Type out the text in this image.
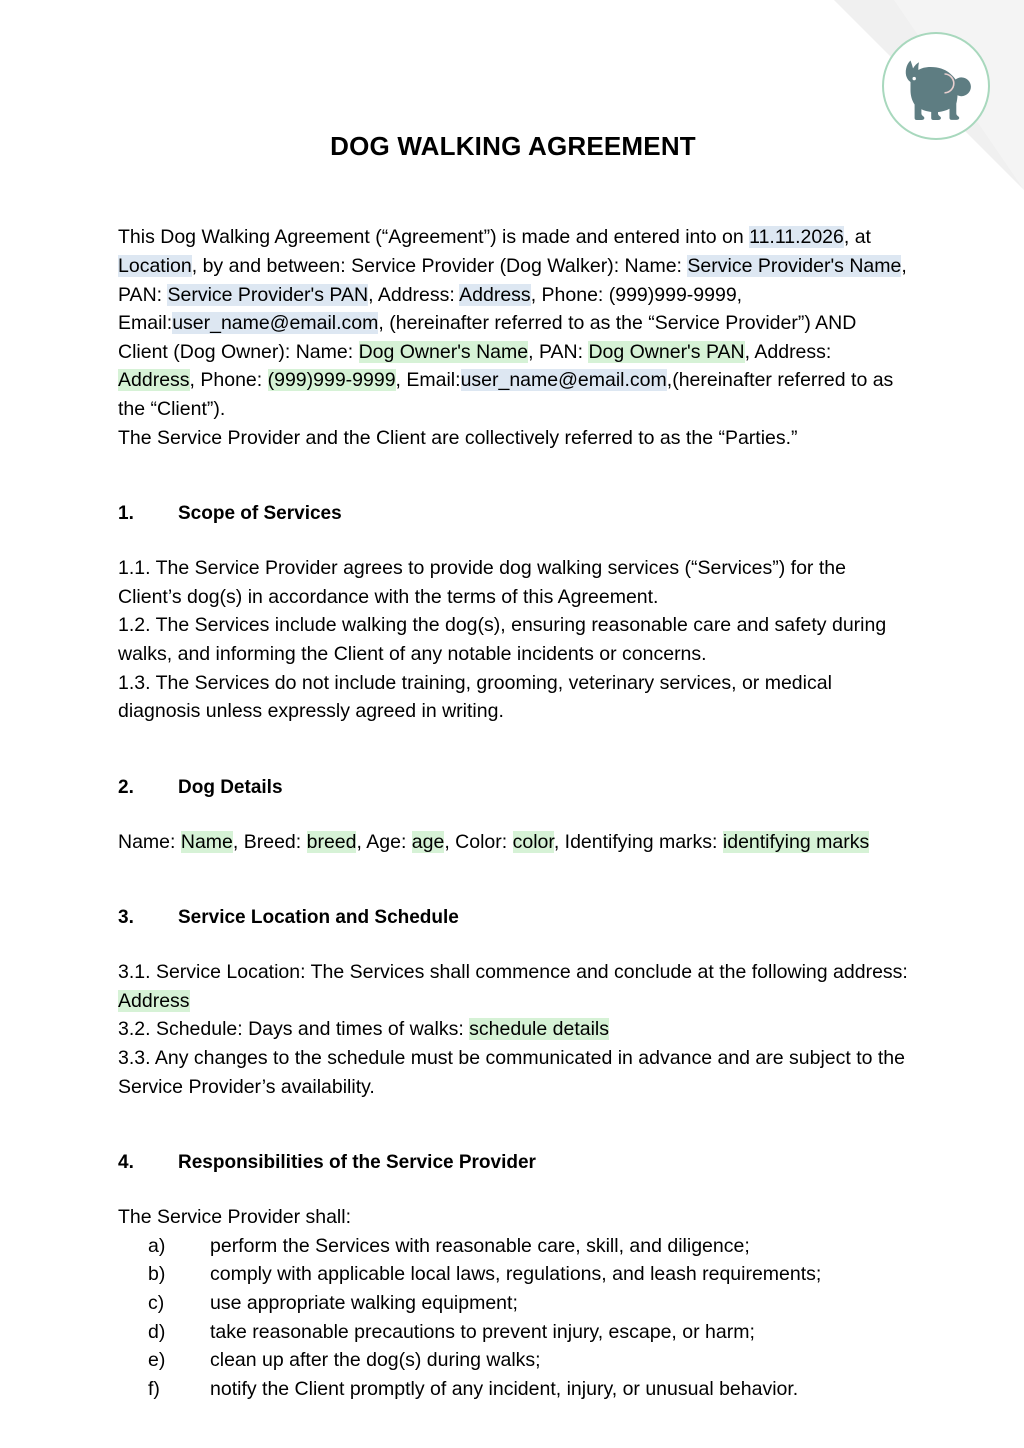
DOG WALKING AGREEMENT

This Dog Walking Agreement (“Agreement”) is made and entered into on 11.11.2026, at Location, by and between: Service Provider (Dog Walker): Name: Service Provider's Name, PAN: Service Provider's PAN, Address: Address, Phone: (999)999-9999, Email:user_name@email.com, (hereinafter referred to as the “Service Provider”) AND Client (Dog Owner): Name: Dog Owner's Name, PAN: Dog Owner's PAN, Address: Address, Phone: (999)999-9999, Email:user_name@email.com,(hereinafter referred to as the “Client”).
The Service Provider and the Client are collectively referred to as the “Parties.”

1. Scope of Services

1.1. The Service Provider agrees to provide dog walking services (“Services”) for the Client’s dog(s) in accordance with the terms of this Agreement.

1.2. The Services include walking the dog(s), ensuring reasonable care and safety during walks, and informing the Client of any notable incidents or concerns.

1.3. The Services do not include training, grooming, veterinary services, or medical diagnosis unless expressly agreed in writing.

2. Dog Details

Name: Name, Breed: breed, Age: age, Color: color, Identifying marks: identifying marks

3. Service Location and Schedule

3.1. Service Location: The Services shall commence and conclude at the following address: Address

3.2. Schedule: Days and times of walks: schedule details

3.3. Any changes to the schedule must be communicated in advance and are subject to the Service Provider’s availability.

4. Responsibilities of the Service Provider

The Service Provider shall:

a)	perform the Services with reasonable care, skill, and diligence;
b)	comply with applicable local laws, regulations, and leash requirements;
c)	use appropriate walking equipment;
d)	take reasonable precautions to prevent injury, escape, or harm;
e)	clean up after the dog(s) during walks;
f)	notify the Client promptly of any incident, injury, or unusual behavior.
